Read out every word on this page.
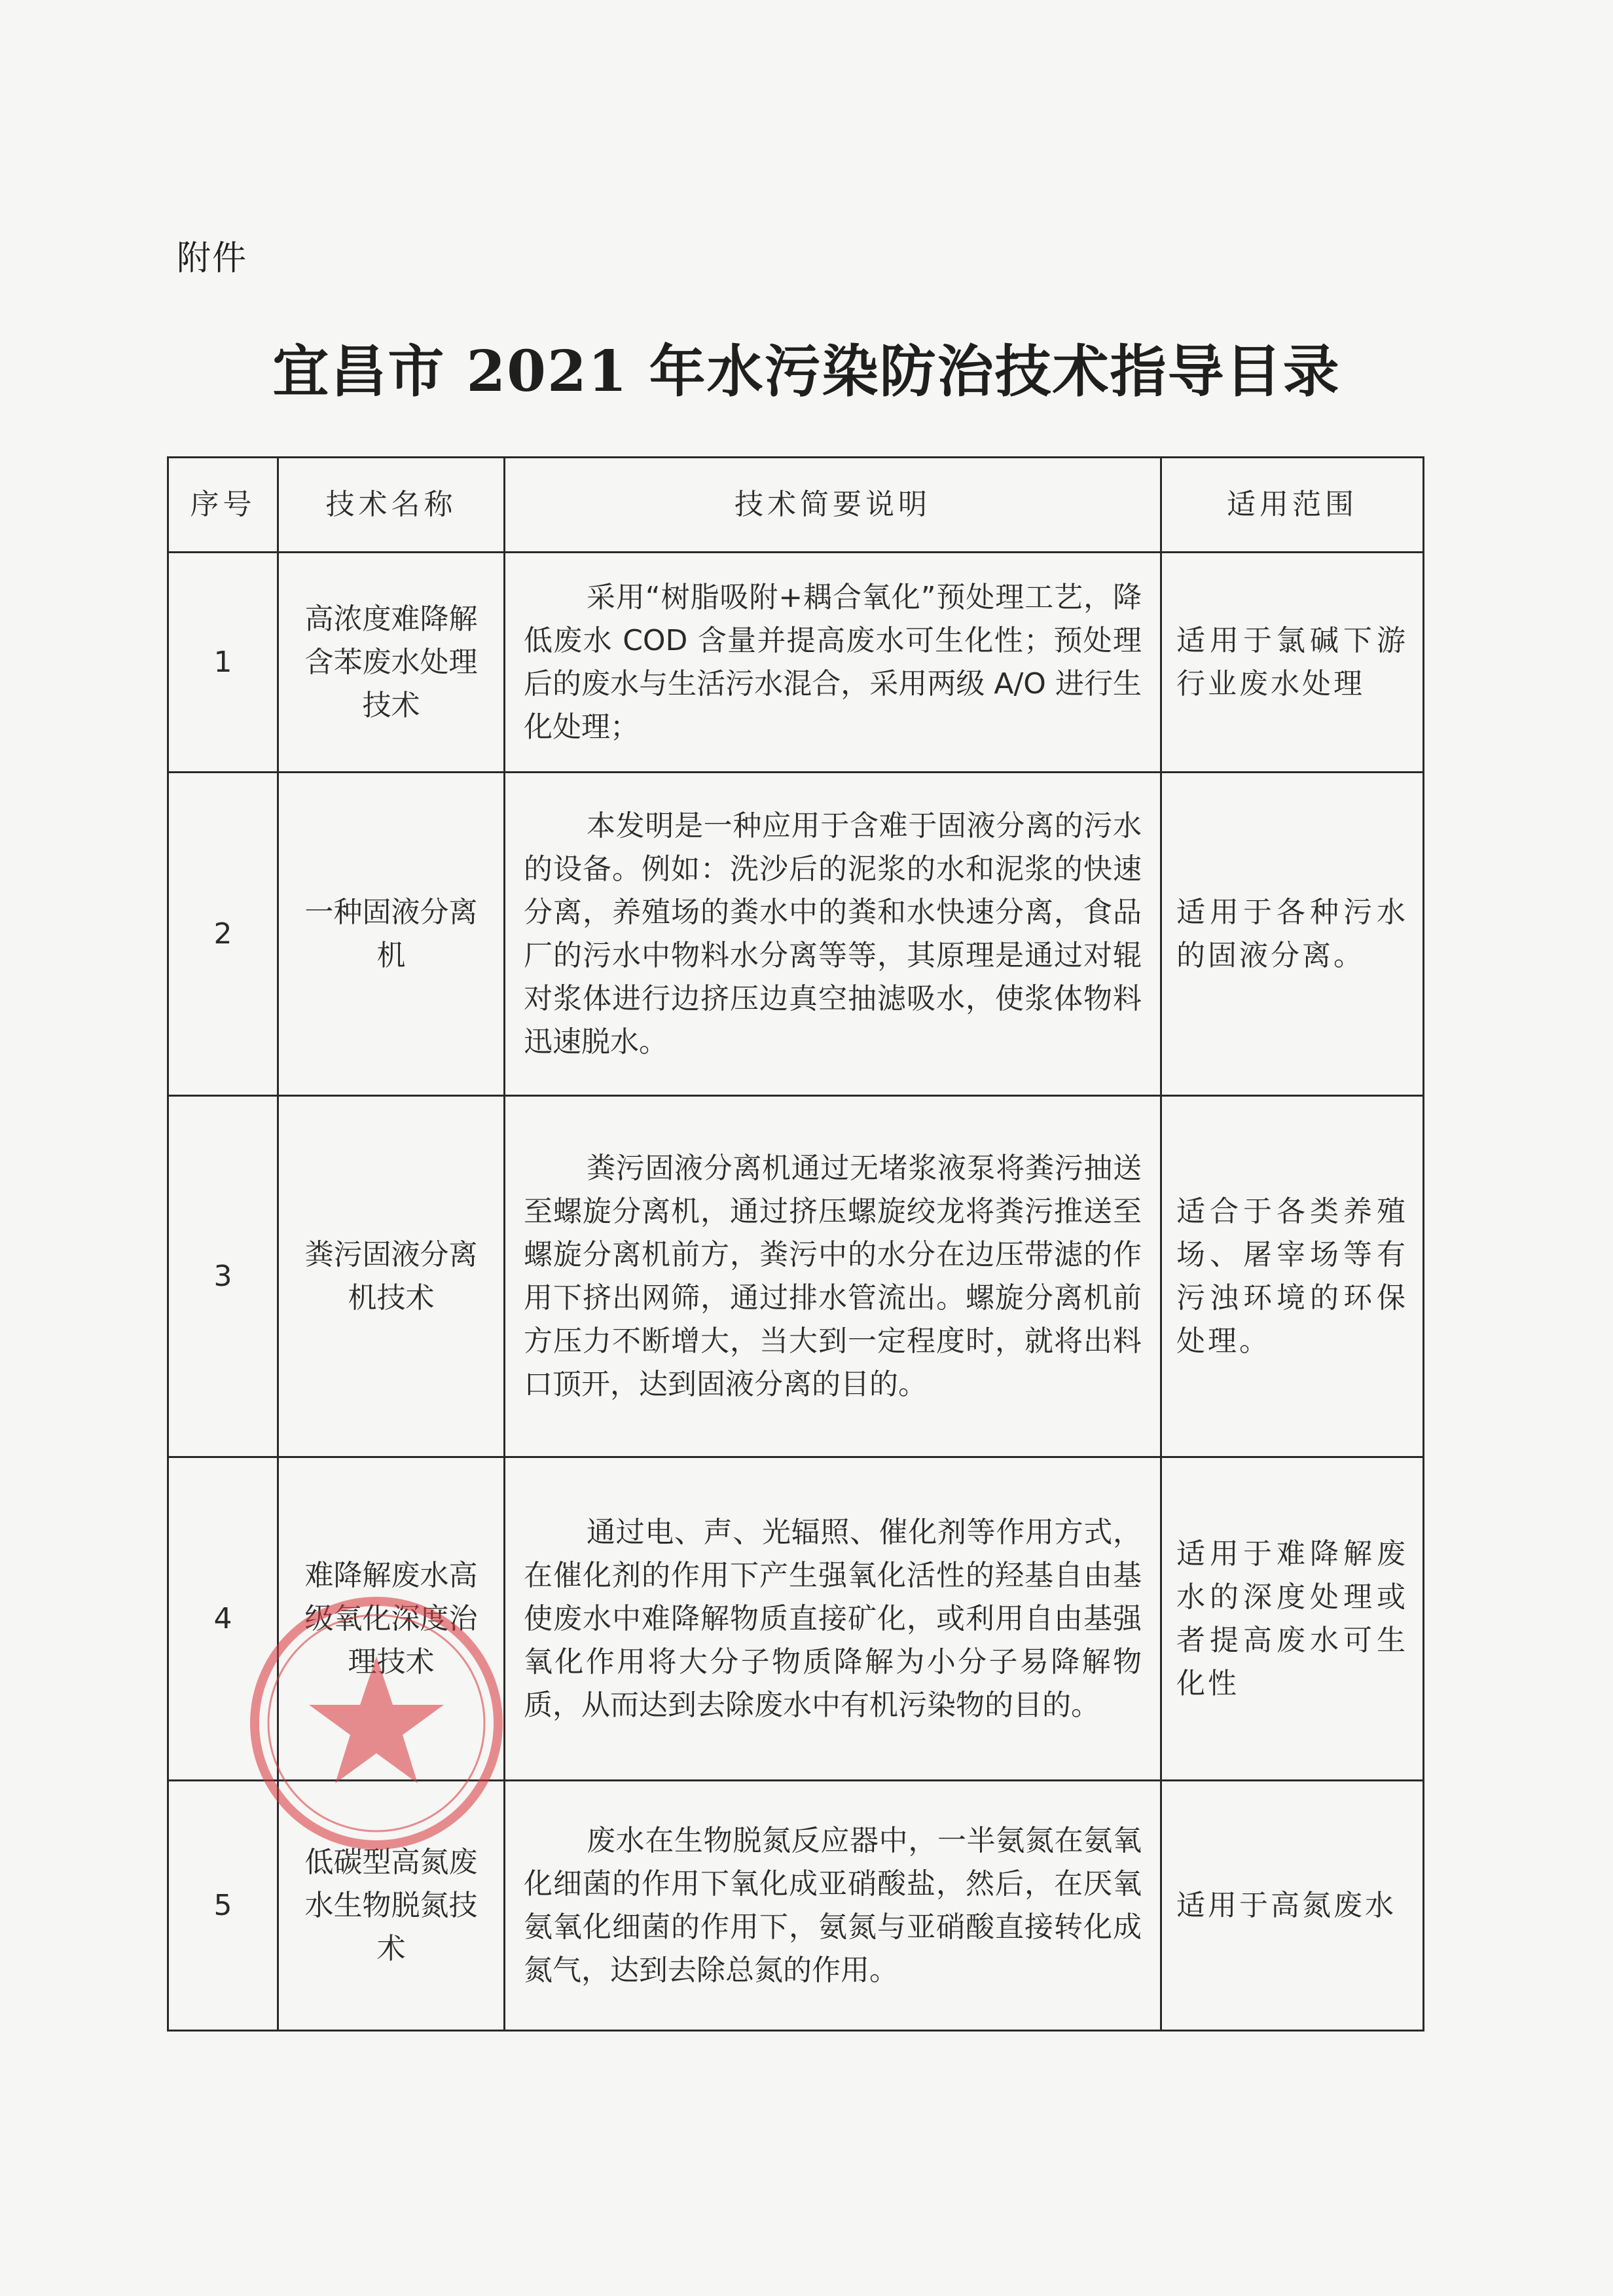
附件
宜昌市 2021 年水污染防治技术指导目录
序号	技术名称	技术简要说明	适用范围
1	高浓度难降解含苯废水处理技术	采用“树脂吸附+耦合氧化”预处理工艺，降低废水 COD 含量并提高废水可生化性；预处理后的废水与生活污水混合，采用两级 A/O 进行生化处理；	适用于氯碱下游行业废水处理
2	一种固液分离机	本发明是一种应用于含难于固液分离的污水的设备。例如：洗沙后的泥浆的水和泥浆的快速分离，养殖场的粪水中的粪和水快速分离，食品厂的污水中物料水分离等等，其原理是通过对辊对浆体进行边挤压边真空抽滤吸水，使浆体物料迅速脱水。	适用于各种污水的固液分离。
3	粪污固液分离机技术	粪污固液分离机通过无堵浆液泵将粪污抽送至螺旋分离机，通过挤压螺旋绞龙将粪污推送至螺旋分离机前方，粪污中的水分在边压带滤的作用下挤出网筛，通过排水管流出。螺旋分离机前方压力不断增大，当大到一定程度时，就将出料口顶开，达到固液分离的目的。	适合于各类养殖场、屠宰场等有污浊环境的环保处理。
4	难降解废水高级氧化深度治理技术	通过电、声、光辐照、催化剂等作用方式，在催化剂的作用下产生强氧化活性的羟基自由基使废水中难降解物质直接矿化，或利用自由基强氧化作用将大分子物质降解为小分子易降解物质，从而达到去除废水中有机污染物的目的。	适用于难降解废水的深度处理或者提高废水可生化性
5	低碳型高氮废水生物脱氮技术	废水在生物脱氮反应器中，一半氨氮在氨氧化细菌的作用下氧化成亚硝酸盐，然后，在厌氧氨氧化细菌的作用下，氨氮与亚硝酸直接转化成氮气，达到去除总氮的作用。	适用于高氮废水
